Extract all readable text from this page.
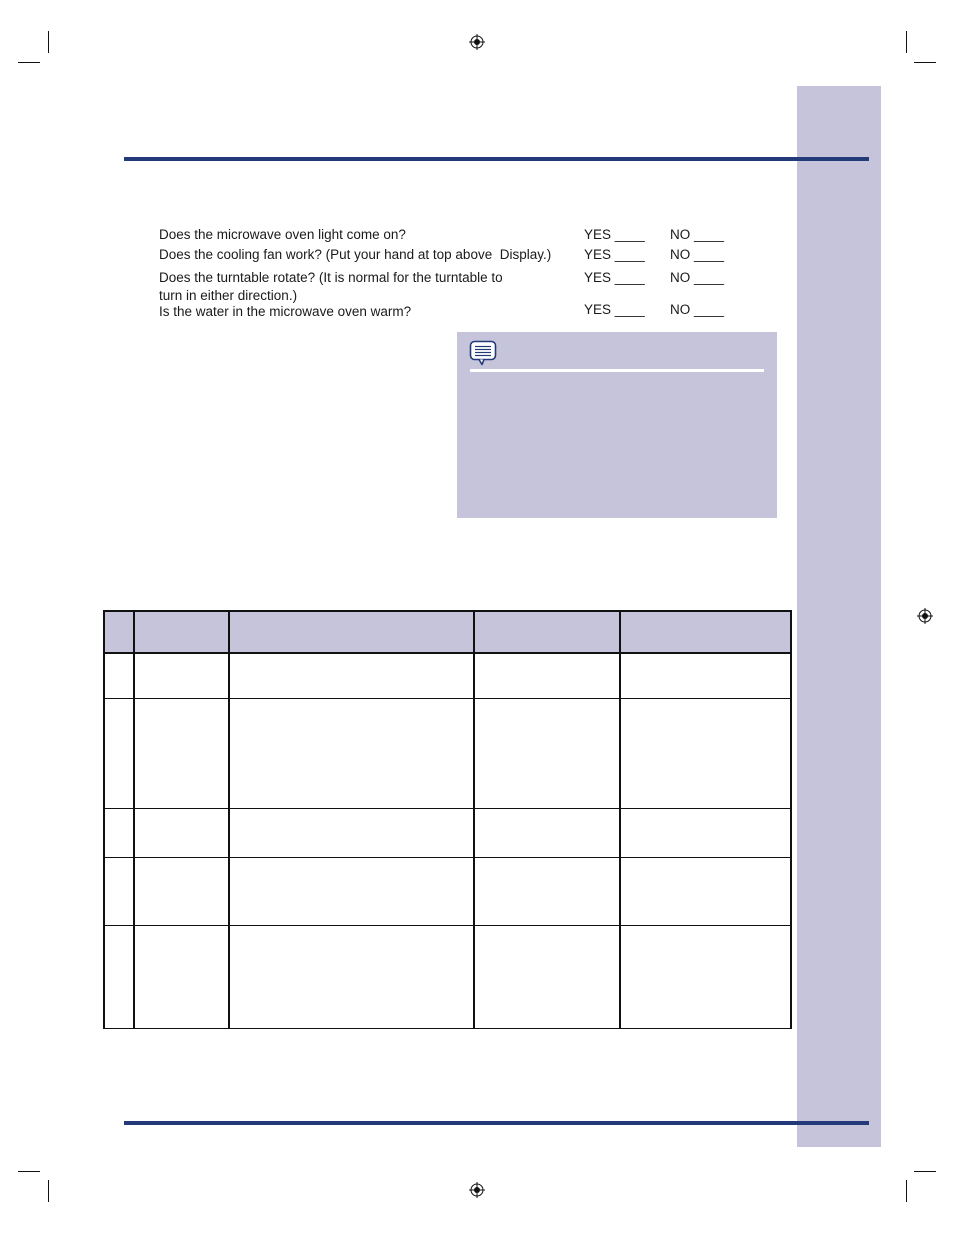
Does the microwave oven light come on?	YES ____ NO ____
Does the cooling fan work? (Put your hand at top above  Display.) YES ____ NO ____
Does the turntable rotate? (It is normal for the turntable to
turn in either direction.)
YES ____ NO ____
Is the water in the microwave oven warm?	YES ____ NO ____
